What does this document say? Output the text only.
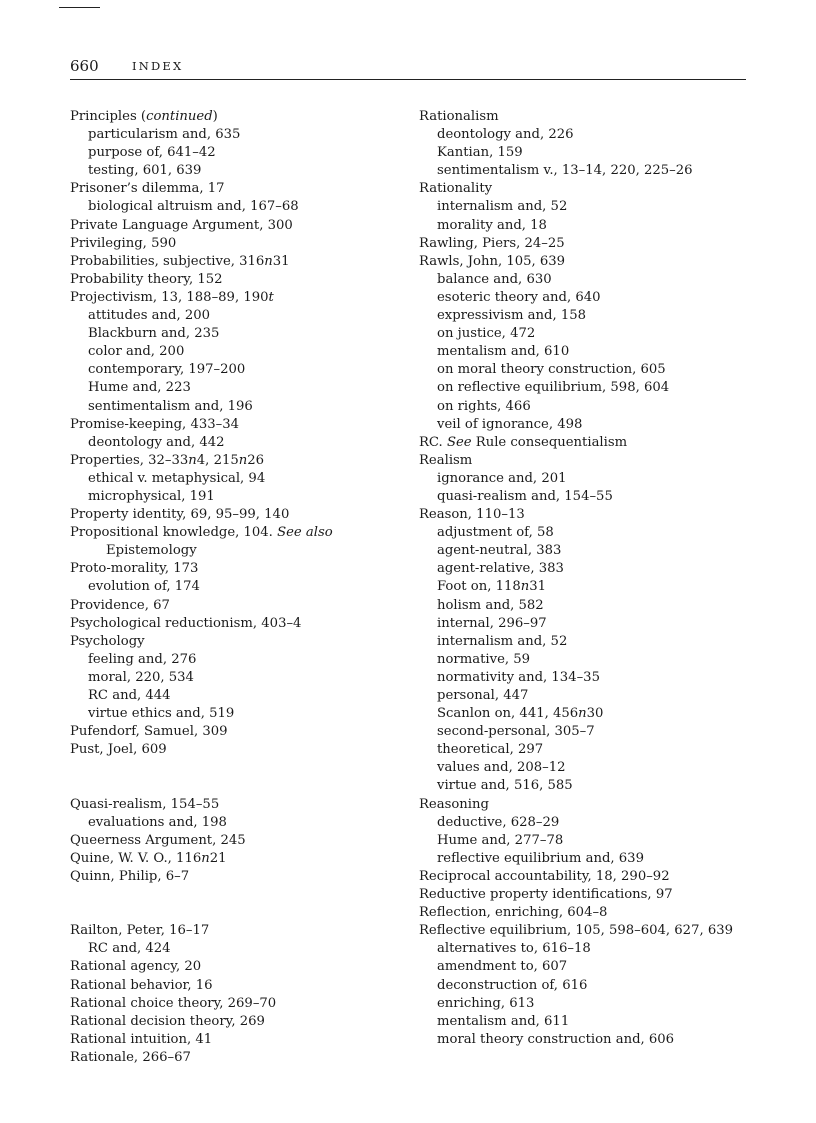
660	INDEX
Principles (continued)
particularism and, 635
purpose of, 641–42
testing, 601, 639
Prisoner’s dilemma, 17
biological altruism and, 167–68
Private Language Argument, 300
Privileging, 590
Probabilities, subjective, 316n31
Probability theory, 152
Projectivism, 13, 188–89, 190t
attitudes and, 200
Blackburn and, 235
color and, 200
contemporary, 197–200
Hume and, 223
sentimentalism and, 196
Promise-keeping, 433–34
deontology and, 442
Properties, 32–33n4, 215n26
ethical v. metaphysical, 94
microphysical, 191
Property identity, 69, 95–99, 140
Propositional knowledge, 104. See also
Epistemology
Proto-morality, 173
evolution of, 174
Providence, 67
Psychological reductionism, 403–4
Psychology
feeling and, 276
moral, 220, 534
RC and, 444
virtue ethics and, 519
Pufendorf, Samuel, 309
Pust, Joel, 609
Quasi-realism, 154–55
evaluations and, 198
Queerness Argument, 245
Quine, W. V. O., 116n21
Quinn, Philip, 6–7
Railton, Peter, 16–17
RC and, 424
Rational agency, 20
Rational behavior, 16
Rational choice theory, 269–70
Rational decision theory, 269
Rational intuition, 41
Rationale, 266–67
Rationalism
deontology and, 226
Kantian, 159
sentimentalism v., 13–14, 220, 225–26
Rationality
internalism and, 52
morality and, 18
Rawling, Piers, 24–25
Rawls, John, 105, 639
balance and, 630
esoteric theory and, 640
expressivism and, 158
on justice, 472
mentalism and, 610
on moral theory construction, 605
on reflective equilibrium, 598, 604
on rights, 466
veil of ignorance, 498
RC. See Rule consequentialism
Realism
ignorance and, 201
quasi-realism and, 154–55
Reason, 110–13
adjustment of, 58
agent-neutral, 383
agent-relative, 383
Foot on, 118n31
holism and, 582
internal, 296–97
internalism and, 52
normative, 59
normativity and, 134–35
personal, 447
Scanlon on, 441, 456n30
second-personal, 305–7
theoretical, 297
values and, 208–12
virtue and, 516, 585
Reasoning
deductive, 628–29
Hume and, 277–78
reflective equilibrium and, 639
Reciprocal accountability, 18, 290–92
Reductive property identifications, 97
Reflection, enriching, 604–8
Reflective equilibrium, 105, 598–604, 627, 639
alternatives to, 616–18
amendment to, 607
deconstruction of, 616
enriching, 613
mentalism and, 611
moral theory construction and, 606
